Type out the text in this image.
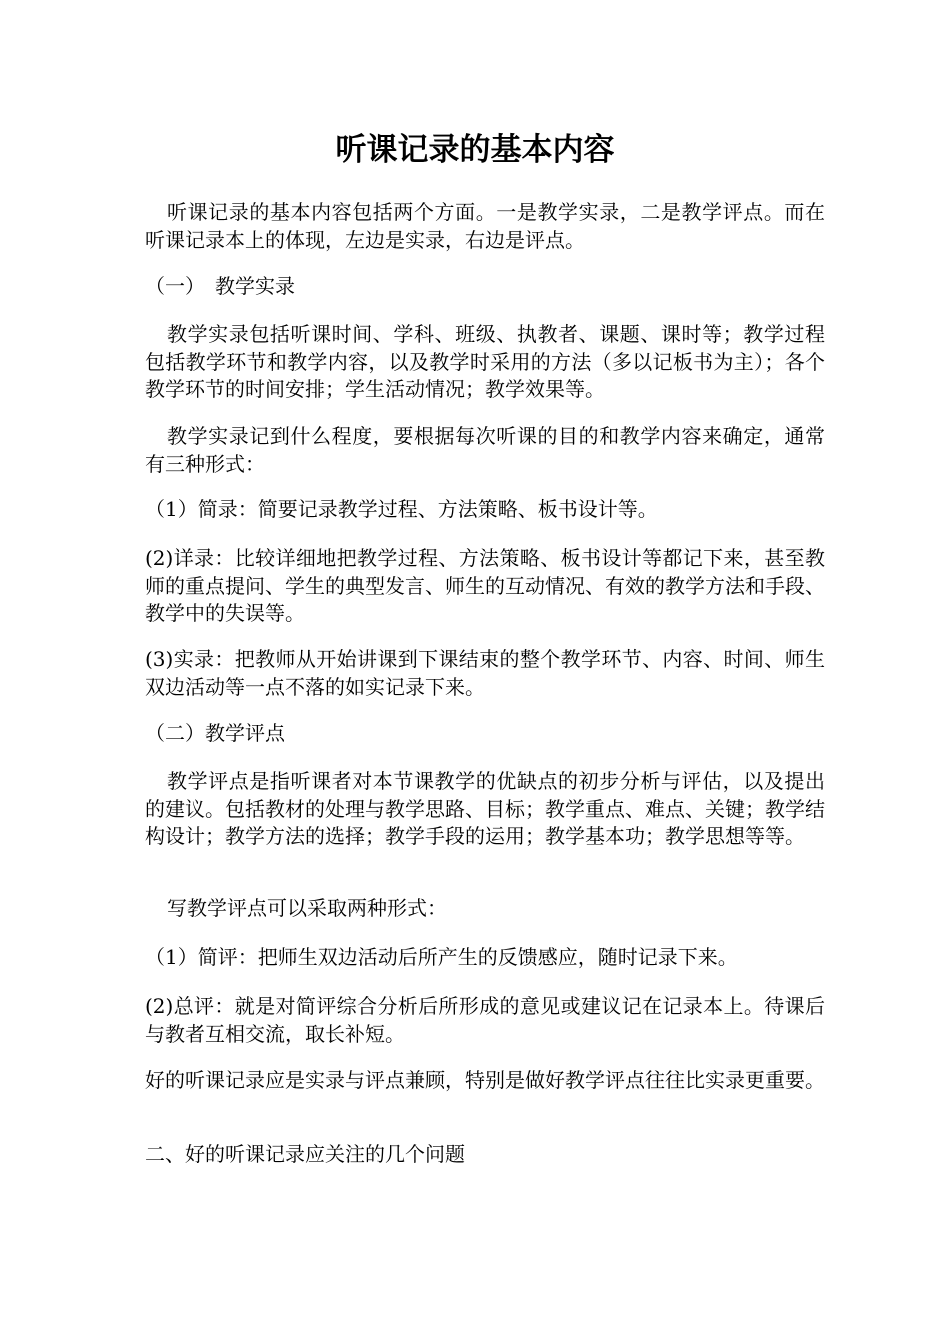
听课记录的基本内容

听课记录的基本内容包括两个方面。一是教学实录，二是教学评点。而在听课记录本上的体现，左边是实录，右边是评点。

（一）　教学实录

教学实录包括听课时间、学科、班级、执教者、课题、课时等；教学过程包括教学环节和教学内容，以及教学时采用的方法（多以记板书为主）；各个教学环节的时间安排；学生活动情况；教学效果等。

教学实录记到什么程度，要根据每次听课的目的和教学内容来确定，通常有三种形式：

（1）简录：简要记录教学过程、方法策略、板书设计等。

(2)详录：比较详细地把教学过程、方法策略、板书设计等都记下来，甚至教师的重点提问、学生的典型发言、师生的互动情况、有效的教学方法和手段、教学中的失误等。

(3)实录：把教师从开始讲课到下课结束的整个教学环节、内容、时间、师生双边活动等一点不落的如实记录下来。

（二）教学评点

教学评点是指听课者对本节课教学的优缺点的初步分析与评估，以及提出的建议。包括教材的处理与教学思路、目标；教学重点、难点、关键；教学结构设计；教学方法的选择；教学手段的运用；教学基本功；教学思想等等。

写教学评点可以采取两种形式：

（1）简评：把师生双边活动后所产生的反馈感应，随时记录下来。

(2)总评：就是对简评综合分析后所形成的意见或建议记在记录本上。待课后与教者互相交流，取长补短。

好的听课记录应是实录与评点兼顾，特别是做好教学评点往往比实录更重要。

二、好的听课记录应关注的几个问题
